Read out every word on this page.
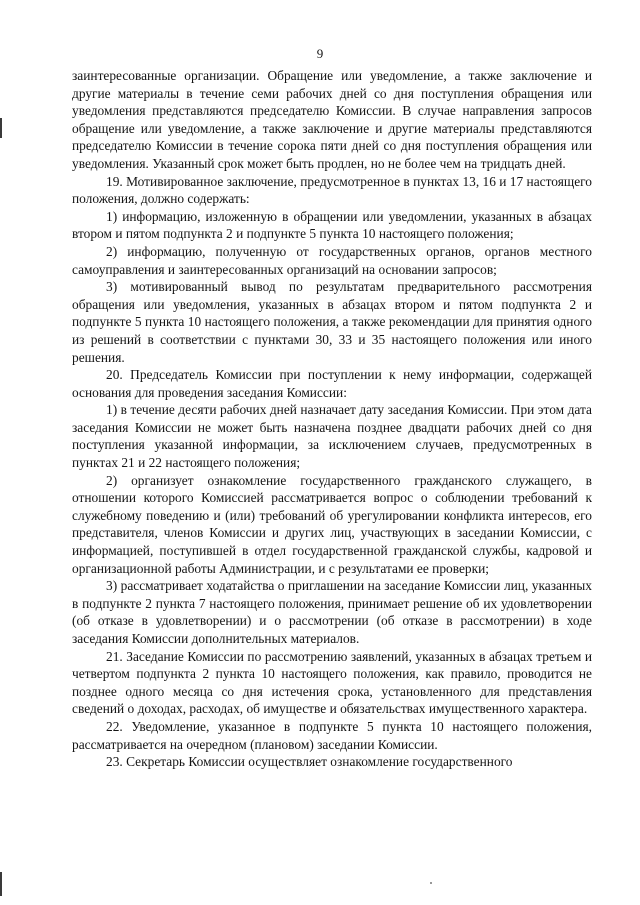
9

заинтересованные организации. Обращение или уведомление, а также заключение и другие материалы в течение семи рабочих дней со дня поступления обращения или уведомления представляются председателю Комиссии. В случае направления запросов обращение или уведомление, а также заключение и другие материалы представляются председателю Комиссии в течение сорока пяти дней со дня поступления обращения или уведомления. Указанный срок может быть продлен, но не более чем на тридцать дней.

19. Мотивированное заключение, предусмотренное в пунктах 13, 16 и 17 настоящего положения, должно содержать:

1) информацию, изложенную в обращении или уведомлении, указанных в абзацах втором и пятом подпункта 2 и подпункте 5 пункта 10 настоящего положения;

2) информацию, полученную от государственных органов, органов местного самоуправления и заинтересованных организаций на основании запросов;

3) мотивированный вывод по результатам предварительного рассмотрения обращения или уведомления, указанных в абзацах втором и пятом подпункта 2 и подпункте 5 пункта 10 настоящего положения, а также рекомендации для принятия одного из решений в соответствии с пунктами 30, 33 и 35 настоящего положения или иного решения.

20. Председатель Комиссии при поступлении к нему информации, содержащей основания для проведения заседания Комиссии:

1) в течение десяти рабочих дней назначает дату заседания Комиссии. При этом дата заседания Комиссии не может быть назначена позднее двадцати рабочих дней со дня поступления указанной информации, за исключением случаев, предусмотренных в пунктах 21 и 22 настоящего положения;

2) организует ознакомление государственного гражданского служащего, в отношении которого Комиссией рассматривается вопрос о соблюдении требований к служебному поведению и (или) требований об урегулировании конфликта интересов, его представителя, членов Комиссии и других лиц, участвующих в заседании Комиссии, с информацией, поступившей в отдел государственной гражданской службы, кадровой и организационной работы Администрации, и с результатами ее проверки;

3) рассматривает ходатайства о приглашении на заседание Комиссии лиц, указанных в подпункте 2 пункта 7 настоящего положения, принимает решение об их удовлетворении (об отказе в удовлетворении) и о рассмотрении (об отказе в рассмотрении) в ходе заседания Комиссии дополнительных материалов.

21. Заседание Комиссии по рассмотрению заявлений, указанных в абзацах третьем и четвертом подпункта 2 пункта 10 настоящего положения, как правило, проводится не позднее одного месяца со дня истечения срока, установленного для представления сведений о доходах, расходах, об имуществе и обязательствах имущественного характера.

22. Уведомление, указанное в подпункте 5 пункта 10 настоящего положения, рассматривается на очередном (плановом) заседании Комиссии.

23. Секретарь Комиссии осуществляет ознакомление государственного
